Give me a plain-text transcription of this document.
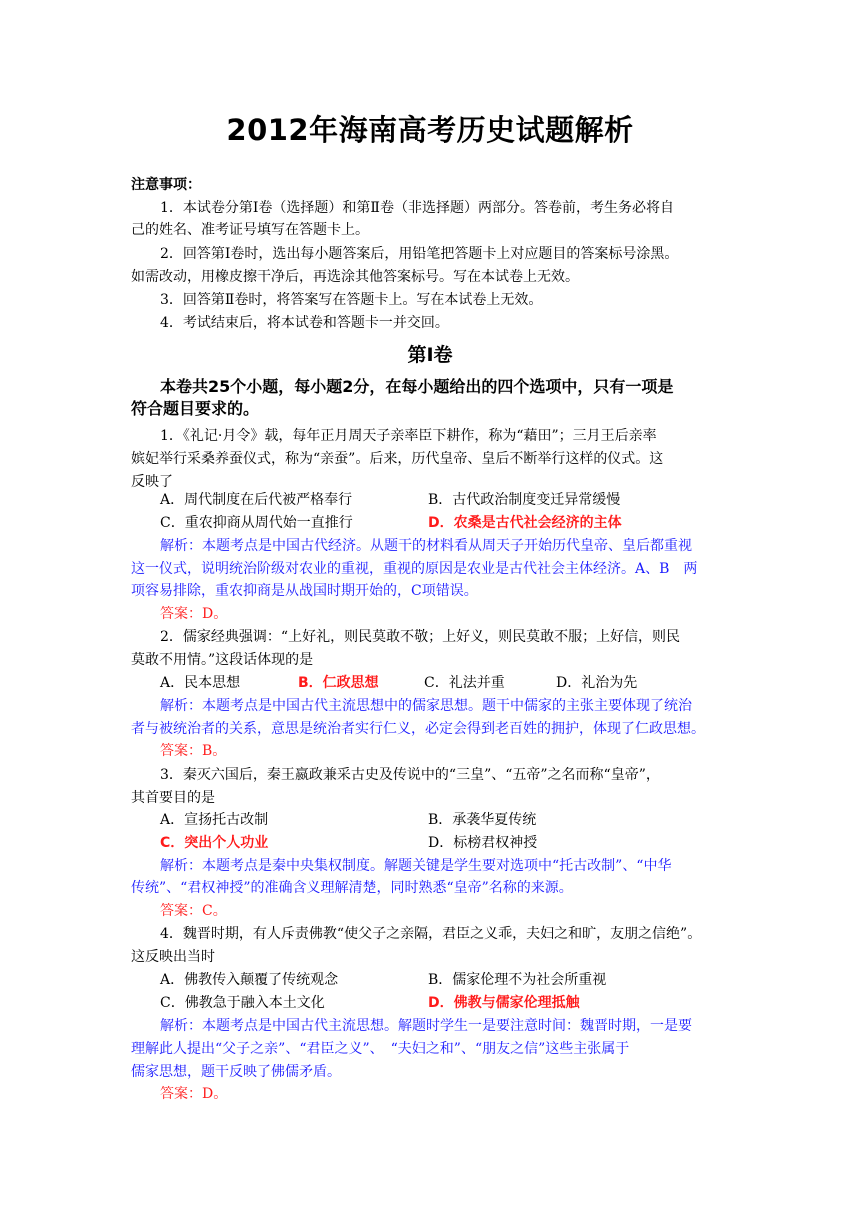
2012年海南高考历史试题解析
注意事项：
1．本试卷分第Ⅰ卷（选择题）和第Ⅱ卷（非选择题）两部分。答卷前，考生务必将自
己的姓名、准考证号填写在答题卡上。
2．回答第Ⅰ卷时，选出每小题答案后，用铅笔把答题卡上对应题目的答案标号涂黑。
如需改动，用橡皮擦干净后，再选涂其他答案标号。写在本试卷上无效。
3．回答第Ⅱ卷时，将答案写在答题卡上。写在本试卷上无效。
4．考试结束后，将本试卷和答题卡一并交回。
第Ⅰ卷
本卷共25个小题，每小题2分，在每小题给出的四个选项中，只有一项是
符合题目要求的。
1．《礼记·月令》载，每年正月周天子亲率臣下耕作，称为“藉田”；三月王后亲率
嫔妃举行采桑养蚕仪式，称为“亲蚕”。后来，历代皇帝、皇后不断举行这样的仪式。这
反映了
A．周代制度在后代被严格奉行	B．古代政治制度变迁异常缓慢
C．重农抑商从周代始一直推行	D．农桑是古代社会经济的主体
解析：本题考点是中国古代经济。从题干的材料看从周天子开始历代皇帝、皇后都重视
这一仪式，说明统治阶级对农业的重视，重视的原因是农业是古代社会主体经济。A、B　两
项容易排除，重农抑商是从战国时期开始的，C项错误。
答案：D。
2．儒家经典强调：“上好礼，则民莫敢不敬；上好义，则民莫敢不服；上好信，则民
莫敢不用情。”这段话体现的是
A．民本思想	B．仁政思想	C．礼法并重	D．礼治为先
解析：本题考点是中国古代主流思想中的儒家思想。题干中儒家的主张主要体现了统治
者与被统治者的关系，意思是统治者实行仁义，必定会得到老百姓的拥护，体现了仁政思想。
答案：B。
3．秦灭六国后，秦王嬴政兼采古史及传说中的“三皇”、“五帝”之名而称“皇帝”，
其首要目的是
A．宣扬托古改制	B．承袭华夏传统
C．突出个人功业	D．标榜君权神授
解析：本题考点是秦中央集权制度。解题关键是学生要对选项中“托古改制”、“中华
传统”、“君权神授”的准确含义理解清楚，同时熟悉“皇帝”名称的来源。
答案：C。
4．魏晋时期，有人斥责佛教“使父子之亲隔，君臣之义乖，夫妇之和旷，友朋之信绝”。
这反映出当时
A．佛教传入颠覆了传统观念	B．儒家伦理不为社会所重视
C．佛教急于融入本土文化	D．佛教与儒家伦理抵触
解析：本题考点是中国古代主流思想。解题时学生一是要注意时间：魏晋时期，一是要
理解此人提出“父子之亲”、“君臣之义”、　“夫妇之和”、“朋友之信”这些主张属于
儒家思想，题干反映了佛儒矛盾。
答案：D。
